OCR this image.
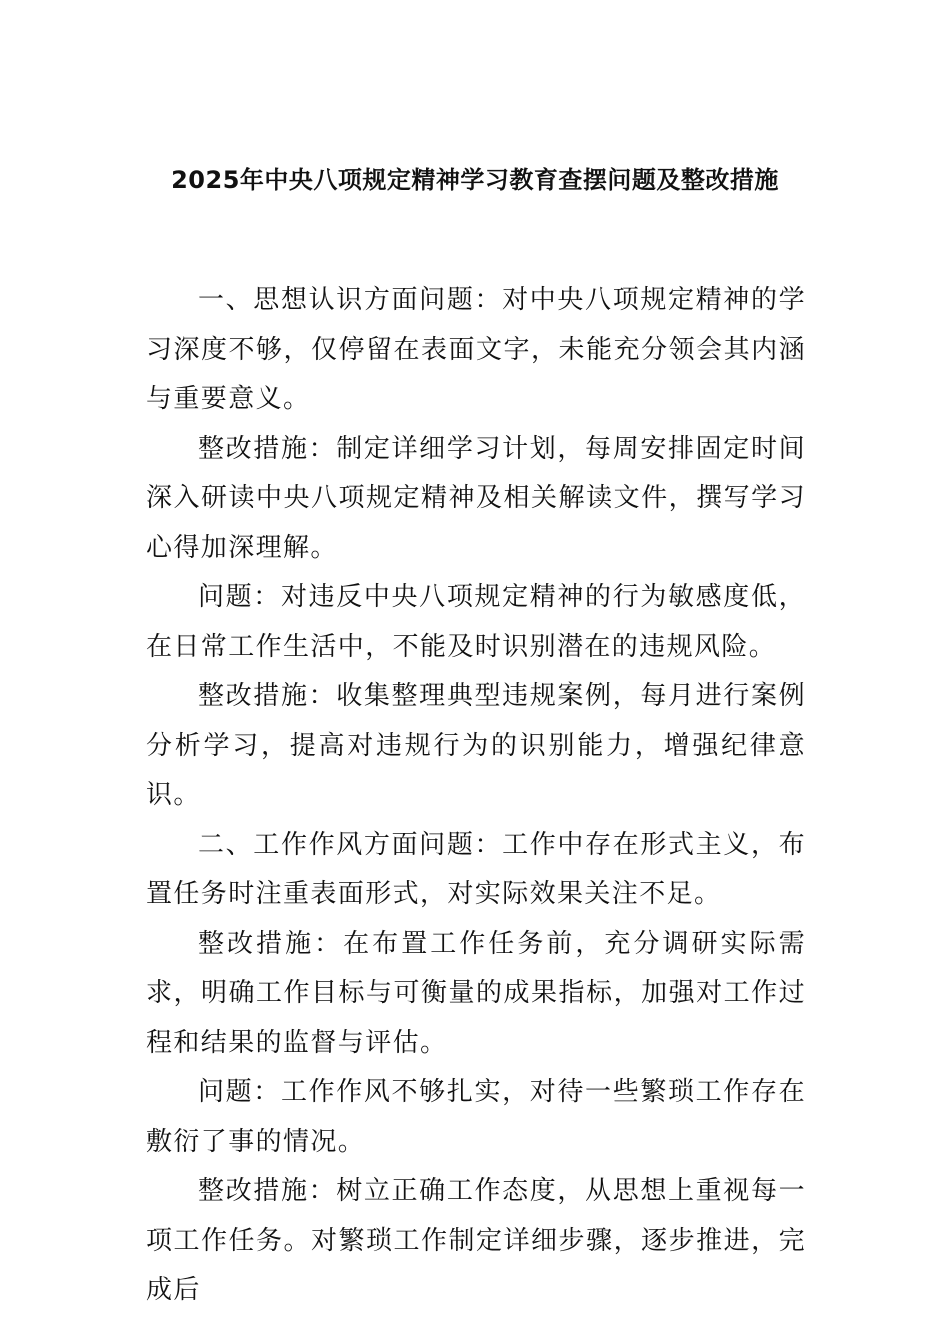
2025年中央八项规定精神学习教育查摆问题及整改措施

一、思想认识方面问题：对中央八项规定精神的学习深度不够，仅停留在表面文字，未能充分领会其内涵与重要意义。

整改措施：制定详细学习计划，每周安排固定时间深入研读中央八项规定精神及相关解读文件，撰写学习心得加深理解。

问题：对违反中央八项规定精神的行为敏感度低，在日常工作生活中，不能及时识别潜在的违规风险。

整改措施：收集整理典型违规案例，每月进行案例分析学习，提高对违规行为的识别能力，增强纪律意识。

二、工作作风方面问题：工作中存在形式主义，布置任务时注重表面形式，对实际效果关注不足。

整改措施：在布置工作任务前，充分调研实际需求，明确工作目标与可衡量的成果指标，加强对工作过程和结果的监督与评估。

问题：工作作风不够扎实，对待一些繁琐工作存在敷衍了事的情况。

整改措施：树立正确工作态度，从思想上重视每一项工作任务。对繁琐工作制定详细步骤，逐步推进，完成后
